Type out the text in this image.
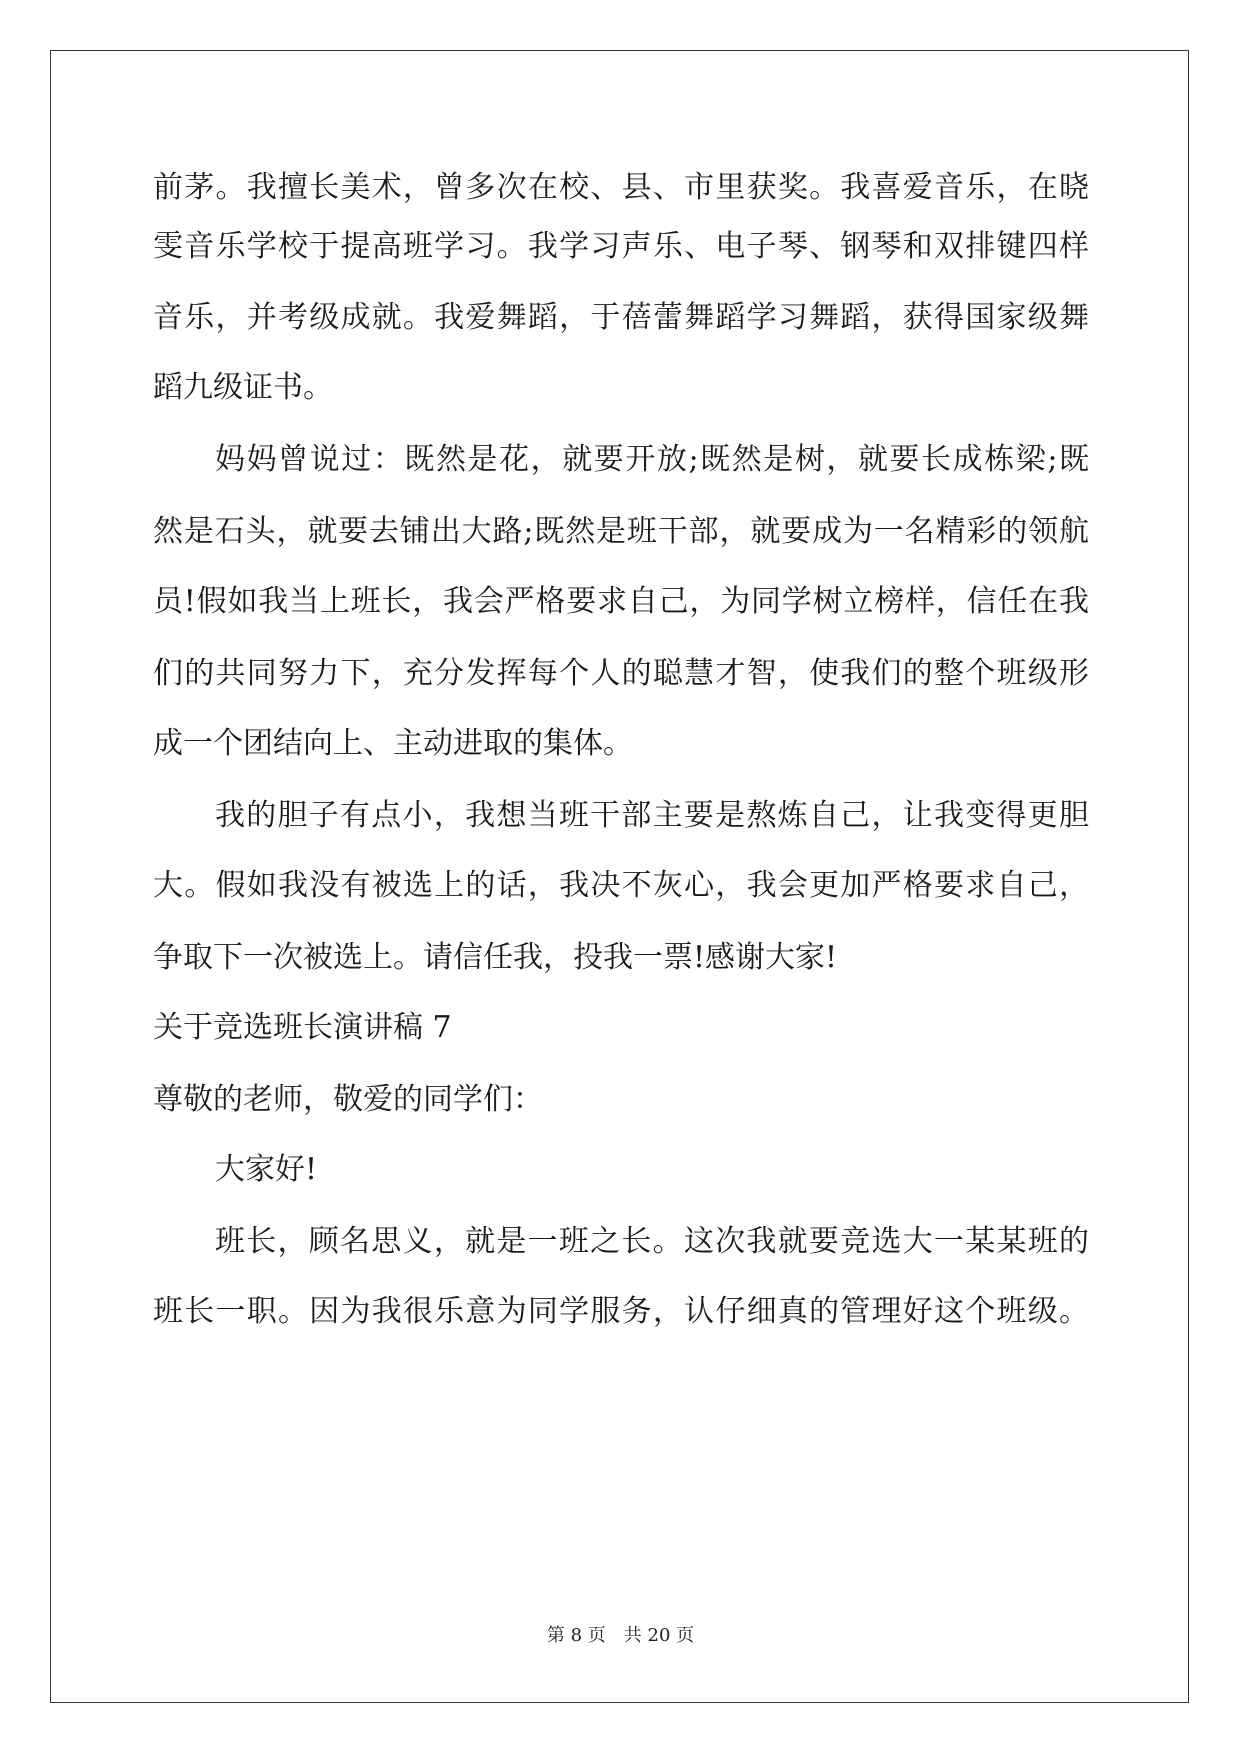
前茅。我擅长美术，曾多次在校、县、市里获奖。我喜爱音乐，在晓
雯音乐学校于提高班学习。我学习声乐、电子琴、钢琴和双排键四样
音乐，并考级成就。我爱舞蹈，于蓓蕾舞蹈学习舞蹈，获得国家级舞
蹈九级证书。
妈妈曾说过：既然是花，就要开放;既然是树，就要长成栋梁;既
然是石头，就要去铺出大路;既然是班干部，就要成为一名精彩的领航
员!假如我当上班长，我会严格要求自己，为同学树立榜样，信任在我
们的共同努力下，充分发挥每个人的聪慧才智，使我们的整个班级形
成一个团结向上、主动进取的集体。
我的胆子有点小，我想当班干部主要是熬炼自己，让我变得更胆
大。假如我没有被选上的话，我决不灰心，我会更加严格要求自己，
争取下一次被选上。请信任我，投我一票!感谢大家!
关于竞选班长演讲稿 7
尊敬的老师，敬爱的同学们：
大家好!
班长，顾名思义，就是一班之长。这次我就要竞选大一某某班的
班长一职。因为我很乐意为同学服务，认仔细真的管理好这个班级。
第 8 页　共 20 页
